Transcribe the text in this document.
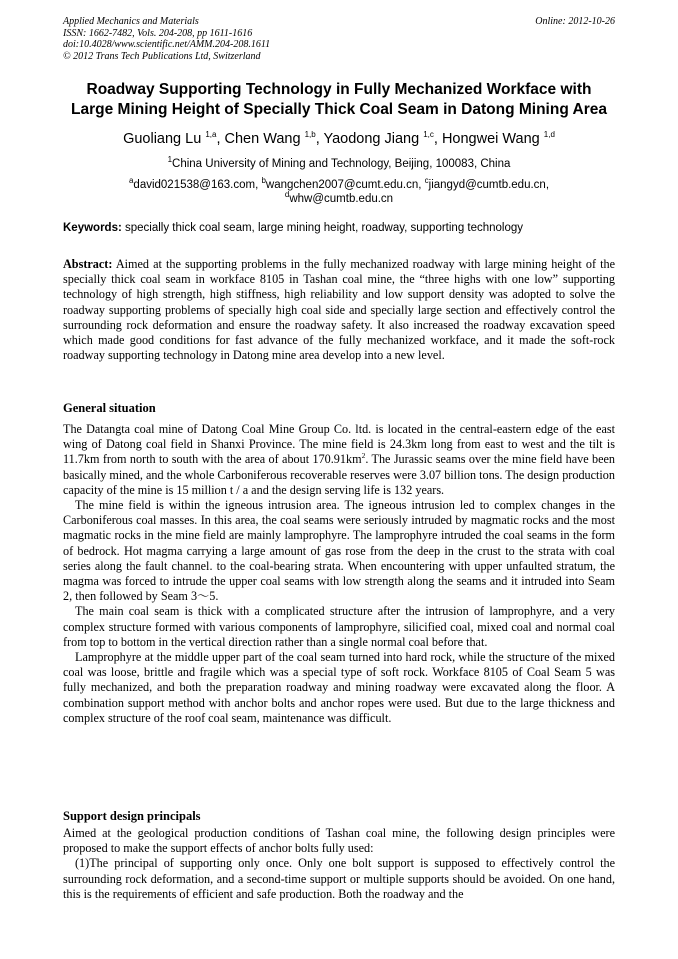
Applied Mechanics and Materials
ISSN: 1662-7482, Vols. 204-208, pp 1611-1616
doi:10.4028/www.scientific.net/AMM.204-208.1611
© 2012 Trans Tech Publications Ltd, Switzerland
Online: 2012-10-26
Roadway Supporting Technology in Fully Mechanized Workface with
Large Mining Height of Specially Thick Coal Seam in Datong Mining Area
Guoliang Lu $^{1,a}$, Chen Wang $^{1,b}$, Yaodong Jiang $^{1,c}$, Hongwei Wang $^{1,d}$
$^1$China University of Mining and Technology, Beijing, 100083, China
$^a$david021538@163.com, $^b$wangchen2007@cumt.edu.cn, $^c$jiangyd@cumtb.edu.cn,
$^d$whw@cumtb.edu.cn
Keywords: specially thick coal seam, large mining height, roadway, supporting technology

Abstract: Aimed at the supporting problems in the fully mechanized roadway with large mining height of the specially thick coal seam in workface 8105 in Tashan coal mine, the “three highs with one low” supporting technology of high strength, high stiffness, high reliability and low support density was adopted to solve the roadway supporting problems of specially high coal side and specially large section and effectively control the surrounding rock deformation and ensure the roadway safety. It also increased the roadway excavation speed which made good conditions for fast advance of the fully mechanized workface, and it made the soft-rock roadway supporting technology in Datong mine area develop into a new level.

General situation

The Datangta coal mine of Datong Coal Mine Group Co. ltd. is located in the central-eastern edge of the east wing of Datong coal field in Shanxi Province. The mine field is 24.3km long from east to west and the tilt is 11.7km from north to south with the area of about $170.91km^2$. The Jurassic seams over the mine field have been basically mined, and the whole Carboniferous recoverable reserves were 3.07 billion tons. The design production capacity of the mine is 15 million t / a and the design serving life is 132 years.

The mine field is within the igneous intrusion area. The igneous intrusion led to complex changes in the Carboniferous coal masses. In this area, the coal seams were seriously intruded by magmatic rocks and the most magmatic rocks in the mine field are mainly lamprophyre. The lamprophyre intruded the coal seams in the form of bedrock. Hot magma carrying a large amount of gas rose from the deep in the crust to the strata with coal series along the fault channel. to the coal-bearing strata. When encountering with upper unfaulted stratum, the magma was forced to intrude the upper coal seams with low strength along the seams and it intruded into Seam 2, then followed by Seam 3～5.

The main coal seam is thick with a complicated structure after the intrusion of lamprophyre, and a very complex structure formed with various components of lamprophyre, silicified coal, mixed coal and normal coal from top to bottom in the vertical direction rather than a single normal coal before that.

Lamprophyre at the middle upper part of the coal seam turned into hard rock, while the structure of the mixed coal was loose, brittle and fragile which was a special type of soft rock. Workface 8105 of Coal Seam 5 was fully mechanized, and both the preparation roadway and mining roadway were excavated along the floor. A combination support method with anchor bolts and anchor ropes were used. But due to the large thickness and complex structure of the roof coal seam, maintenance was difficult.

Support design principals

Aimed at the geological production conditions of Tashan coal mine, the following design principles were proposed to make the support effects of anchor bolts fully used:

(1)The principal of supporting only once. Only one bolt support is supposed to effectively control the surrounding rock deformation, and a second-time support or multiple supports should be avoided. On one hand, this is the requirements of efficient and safe production. Both the roadway and the
